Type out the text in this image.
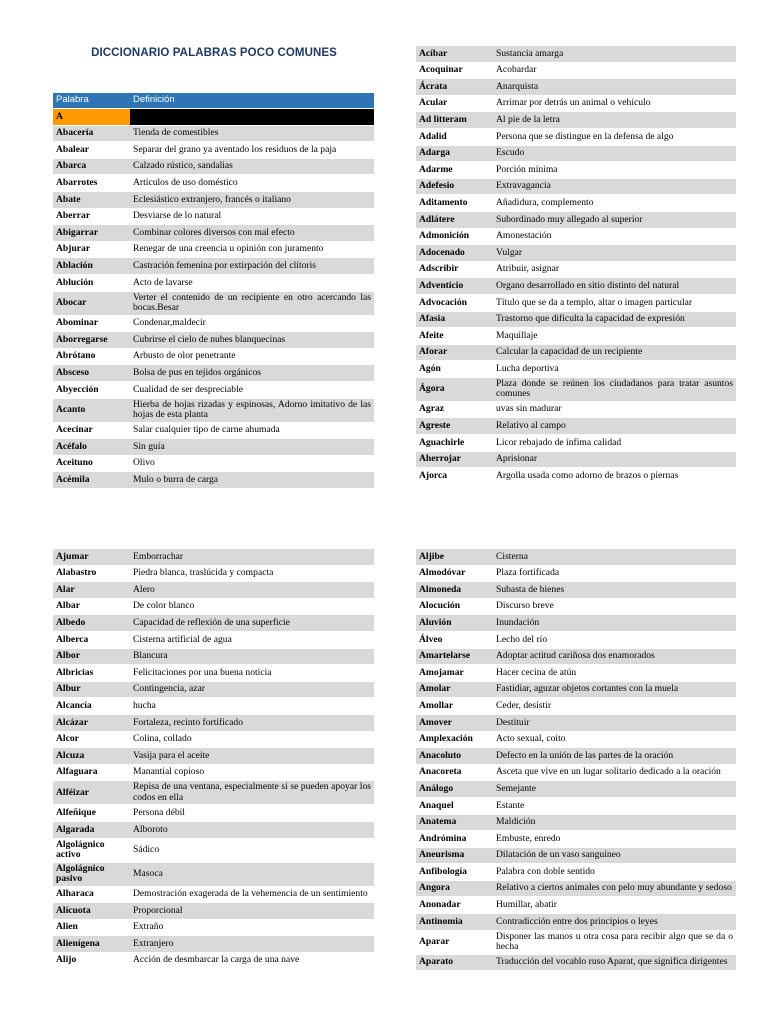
DICCIONARIO PALABRAS POCO COMUNES
Palabra	Definición
A	
Abacería	Tienda de comestibles
Abalear	Separar del grano ya aventado los residuos de la paja
Abarca	Calzado rústico, sandalias
Abarrotes	Artículos de uso doméstico
Abate	Eclesiástico extranjero, francés o italiano
Aberrar	Desviarse de lo natural
Abigarrar	Combinar colores diversos con mal efecto
Abjurar	Renegar de una creencia u opinión con juramento
Ablación	Castración femenina por extirpación del clítoris
Ablución	Acto de lavarse
Abocar	Verter el contenido de un recipiente en otro acercando las bocas.Besar
Abominar	Condenar,maldecir
Aborregarse	Cubrirse el cielo de nubes blanquecinas
Abrótano	Arbusto de olor penetrante
Absceso	Bolsa de pus en tejidos orgánicos
Abyección	Cualidad de ser despreciable
Acanto	Hierba de hojas rizadas y espinosas, Adorno imitativo de las hojas de esta planta
Acecinar	Salar cualquier tipo de carne ahumada
Acéfalo	Sin guía
Aceituno	Olivo
Acémila	Mulo o burra de carga
Acíbar	Sustancia amarga
Acoquinar	Acobardar
Ácrata	Anarquista
Acular	Arrimar por detrás un animal o vehículo
Ad litteram	Al pie de la letra
Adalid	Persona que se distingue en la defensa de algo
Adarga	Escudo
Adarme	Porción mínima
Adefesio	Extravagancia
Aditamento	Añadidura, complemento
Adlátere	Subordinado muy allegado al superior
Admonición	Amonestación
Adocenado	Vulgar
Adscribir	Atribuir, asignar
Adventicio	Organo desarrollado en sitio distinto del natural
Advocación	Título que se da a templo, altar o imagen particular
Afasia	Trastorno que dificulta la capacidad de expresión
Afeite	Maquillaje
Aforar	Calcular la capacidad de un recipiente
Agón	Lucha deportiva
Ágora	Plaza donde se reúnen los ciudadanos para tratar asuntos comunes
Agraz	uvas sin madurar
Agreste	Relativo al campo
Aguachirle	Licor rebajado de ínfima calidad
Aherrojar	Aprisionar
Ajorca	Argolla usada como adorno de brazos o piernas
Ajumar	Emborrachar
Alabastro	Piedra blanca, traslúcida y compacta
Alar	Alero
Albar	De color blanco
Albedo	Capacidad de reflexión de una superficie
Alberca	Cisterna artificial de agua
Albor	Blancura
Albricias	Felicitaciones por una buena noticia
Albur	Contingencia, azar
Alcancía	hucha
Alcázar	Fortaleza, recinto fortificado
Alcor	Colina, collado
Alcuza	Vasija para el aceite
Alfaguara	Manantial copioso
Alféizar	Repisa de una ventana, especialmente si se pueden apoyar los codos en ella
Alfeñique	Persona débil
Algarada	Alboroto
Algolágnico activo	Sádico
Algolágnico pasivo	Masoca
Alharaca	Demostración exagerada de la vehemencia de un sentimiento
Alícuota	Proporcional
Alien	Extraño
Alienígena	Extranjero
Alijo	Acción de desmbarcar la carga de una nave
Aljibe	Cisterna
Almodóvar	Plaza fortificada
Almoneda	Subasta de bienes
Alocución	Discurso breve
Aluvión	Inundación
Álveo	Lecho del río
Amartelarse	Adoptar actitud cariñosa dos enamorados
Amojamar	Hacer cecina de atún
Amolar	Fastidiar, aguzar objetos cortantes con la muela
Amollar	Ceder, desistir
Amover	Destituir
Amplexación	Acto sexual, coito
Anacoluto	Defecto en la unión de las partes de la oración
Anacoreta	Asceta que vive en un lugar solitario dedicado a la oración
Análogo	Semejante
Anaquel	Estante
Anatema	Maldición
Andrómina	Embuste, enredo
Aneurisma	Dilatación de un vaso sanguíneo
Anfibología	Palabra con doble sentido
Angora	Relativo a ciertos animales con pelo muy abundante y sedoso
Anonadar	Humillar, abatir
Antinomia	Contradicción entre dos principios o leyes
Aparar	Disponer las manos u otra cosa para recibir algo que se da o hecha
Aparato	Traducción del vocablo ruso Aparat, que significa dirigentes
